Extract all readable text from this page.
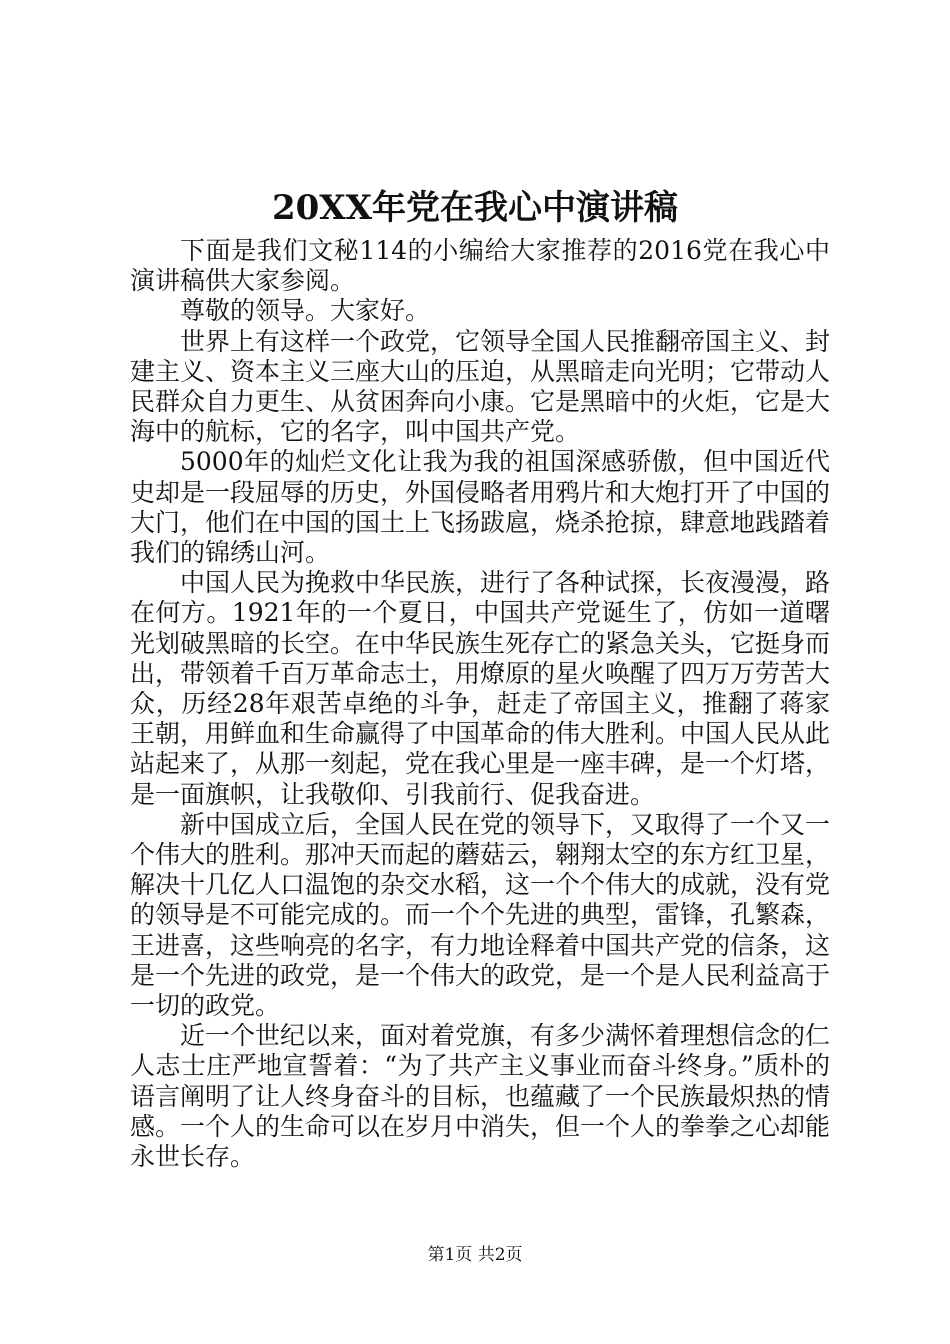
20XX年党在我心中演讲稿

下面是我们文秘114的小编给大家推荐的2016党在我心中演讲稿供大家参阅。

尊敬的领导。大家好。

世界上有这样一个政党，它领导全国人民推翻帝国主义、封建主义、资本主义三座大山的压迫，从黑暗走向光明；它带动人民群众自力更生、从贫困奔向小康。它是黑暗中的火炬，它是大海中的航标，它的名字，叫中国共产党。

5000年的灿烂文化让我为我的祖国深感骄傲，但中国近代史却是一段屈辱的历史，外国侵略者用鸦片和大炮打开了中国的大门，他们在中国的国土上飞扬跋扈，烧杀抢掠，肆意地践踏着我们的锦绣山河。

中国人民为挽救中华民族，进行了各种试探，长夜漫漫，路在何方。1921年的一个夏日，中国共产党诞生了，仿如一道曙光划破黑暗的长空。在中华民族生死存亡的紧急关头，它挺身而出，带领着千百万革命志士，用燎原的星火唤醒了四万万劳苦大众，历经28年艰苦卓绝的斗争，赶走了帝国主义，推翻了蒋家王朝，用鲜血和生命赢得了中国革命的伟大胜利。中国人民从此站起来了，从那一刻起，党在我心里是一座丰碑，是一个灯塔，是一面旗帜，让我敬仰、引我前行、促我奋进。

新中国成立后，全国人民在党的领导下，又取得了一个又一个伟大的胜利。那冲天而起的蘑菇云，翱翔太空的东方红卫星，解决十几亿人口温饱的杂交水稻，这一个个伟大的成就，没有党的领导是不可能完成的。而一个个先进的典型，雷锋，孔繁森，王进喜，这些响亮的名字，有力地诠释着中国共产党的信条，这是一个先进的政党，是一个伟大的政党，是一个是人民利益高于一切的政党。

近一个世纪以来，面对着党旗，有多少满怀着理想信念的仁人志士庄严地宣誓着：“为了共产主义事业而奋斗终身。”质朴的语言阐明了让人终身奋斗的目标，也蕴藏了一个民族最炽热的情感。一个人的生命可以在岁月中消失，但一个人的拳拳之心却能永世长存。

第1页 共2页
